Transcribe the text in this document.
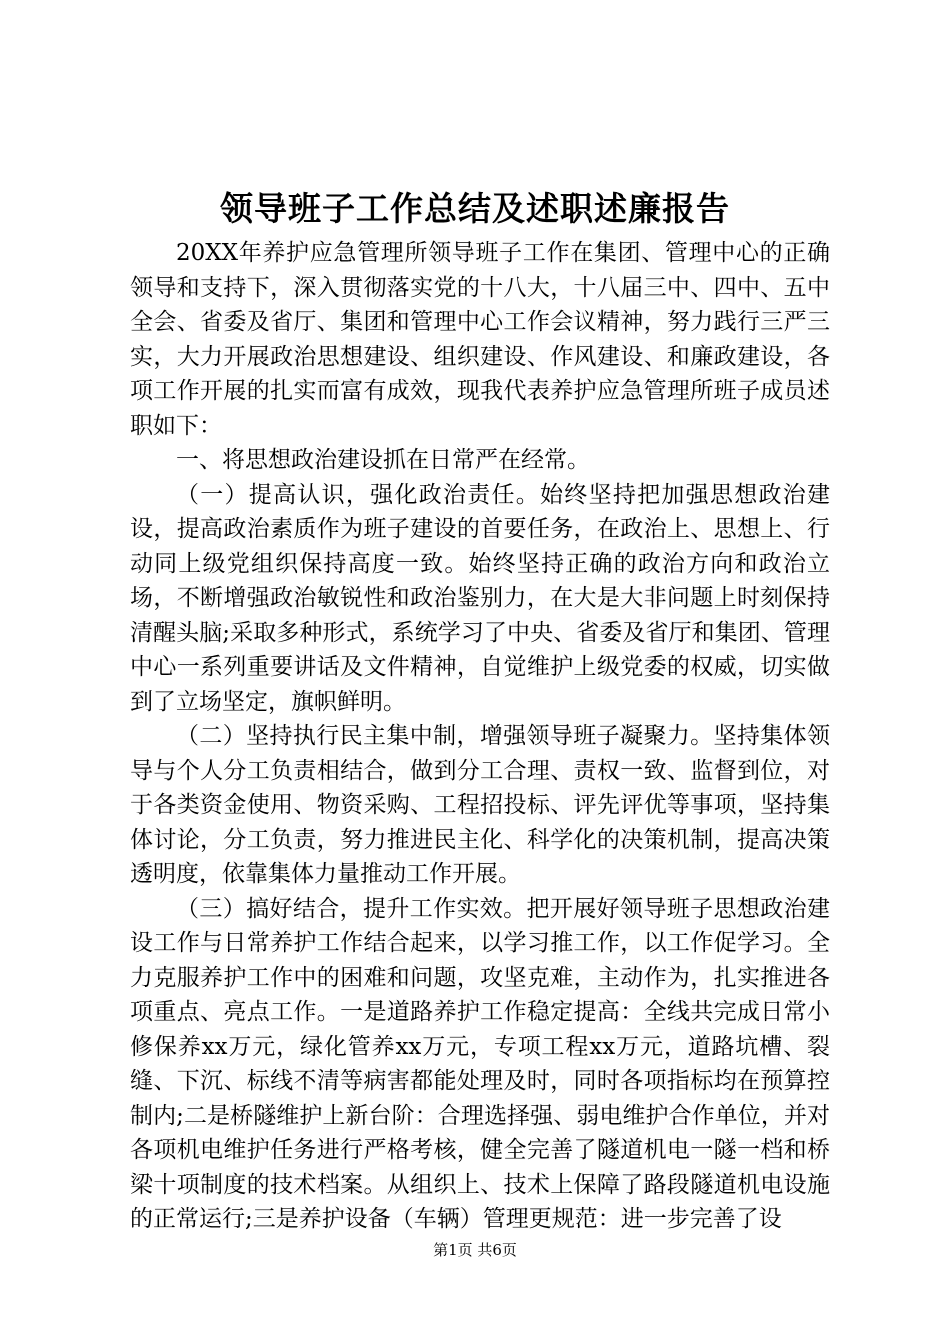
领导班子工作总结及述职述廉报告

20XX年养护应急管理所领导班子工作在集团、管理中心的正确领导和支持下，深入贯彻落实党的十八大，十八届三中、四中、五中全会、省委及省厅、集团和管理中心工作会议精神，努力践行三严三实，大力开展政治思想建设、组织建设、作风建设、和廉政建设，各项工作开展的扎实而富有成效，现我代表养护应急管理所班子成员述职如下：

一、将思想政治建设抓在日常严在经常。

（一）提高认识，强化政治责任。始终坚持把加强思想政治建设，提高政治素质作为班子建设的首要任务，在政治上、思想上、行动同上级党组织保持高度一致。始终坚持正确的政治方向和政治立场，不断增强政治敏锐性和政治鉴别力，在大是大非问题上时刻保持清醒头脑;采取多种形式，系统学习了中央、省委及省厅和集团、管理中心一系列重要讲话及文件精神，自觉维护上级党委的权威，切实做到了立场坚定，旗帜鲜明。

（二）坚持执行民主集中制，增强领导班子凝聚力。坚持集体领导与个人分工负责相结合，做到分工合理、责权一致、监督到位，对于各类资金使用、物资采购、工程招投标、评先评优等事项，坚持集体讨论，分工负责，努力推进民主化、科学化的决策机制，提高决策透明度，依靠集体力量推动工作开展。

（三）搞好结合，提升工作实效。把开展好领导班子思想政治建设工作与日常养护工作结合起来，以学习推工作，以工作促学习。全力克服养护工作中的困难和问题，攻坚克难，主动作为，扎实推进各项重点、亮点工作。一是道路养护工作稳定提高：全线共完成日常小修保养xx万元，绿化管养xx万元，专项工程xx万元，道路坑槽、裂缝、下沉、标线不清等病害都能处理及时，同时各项指标均在预算控制内;二是桥隧维护上新台阶：合理选择强、弱电维护合作单位，并对各项机电维护任务进行严格考核，健全完善了隧道机电一隧一档和桥梁十项制度的技术档案。从组织上、技术上保障了路段隧道机电设施的正常运行;三是养护设备（车辆）管理更规范：进一步完善了设

第1页 共6页
